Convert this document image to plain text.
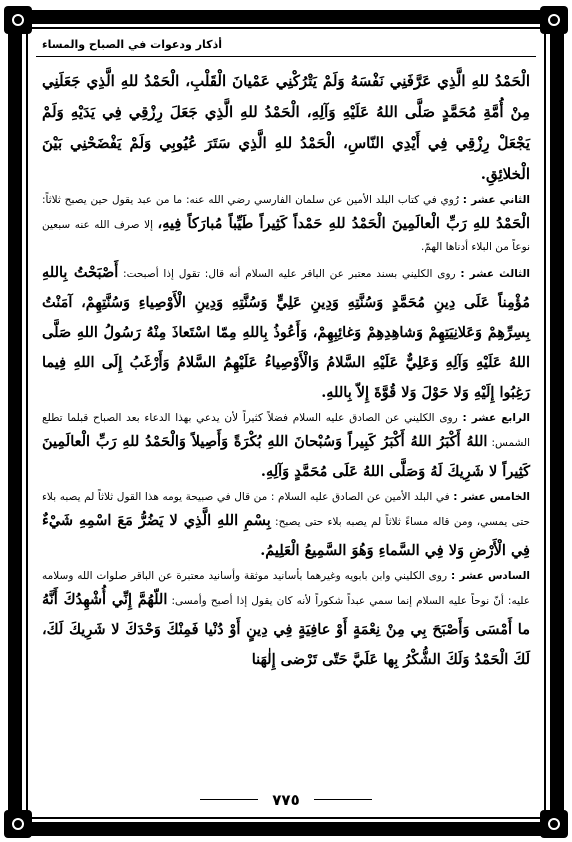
أذكار ودعوات في الصباح والمساء

الْحَمْدُ للهِ الَّذِي عَرَّفَنِي نَفْسَهُ وَلَمْ يَتْرُكْنِي عَمْيانَ الْقَلْبِ، الْحَمْدُ للهِ الَّذِي جَعَلَنِي مِنْ أُمَّةِ مُحَمَّدٍ صَلَّى اللهُ عَلَيْهِ وَآلِهِ، الْحَمْدُ للهِ الَّذِي جَعَلَ رِزْقِي فِي يَدَيْهِ وَلَمْ يَجْعَلْ رِزْقِي فِي أَيْدِي النّاسِ، الْحَمْدُ للهِ الَّذِي سَتَرَ عُيُوبِي وَلَمْ يَفْضَحْنِي بَيْنَ الْخلائِقِ.

الثاني عشر : رُوي في كتاب البلد الأمين عن سلمان الفارسي رضي الله عنه: ما من عبد يقول حين يصبح ثلاثاً: الْحَمْدُ للهِ رَبِّ الْعالَمِينَ الْحَمْدُ للهِ حَمْداً كَثِيراً طَيِّباً مُبارَكاً فِيهِ، إلا صرف الله عنه سبعين نوعاً من البلاء أدناها الهمّ.

الثالث عشر : روى الكليني بسند معتبر عن الباقر عليه السلام أنه قال: تقول إذا أصبحت: أَصْبَحْتُ بِاللهِ مُؤْمِناً عَلَى دِينِ مُحَمَّدٍ وَسُنَّتِهِ وَدِينِ عَلِيٍّ وَسُنَّتِهِ وَدِينِ الْأَوْصِياءِ وَسُنَّتِهِمْ، آمَنْتُ بِسِرِّهِمْ وَعَلانِيَتِهِمْ وَشاهِدِهِمْ وَغائِبِهِمْ، وَأَعُوذُ بِاللهِ مِمّا اسْتَعاذَ مِنْهُ رَسُولُ اللهِ صَلَّى اللهُ عَلَيْهِ وَآلِهِ وَعَلِيٌّ عَلَيْهِ السَّلامُ وَالْأَوْصِياءُ عَلَيْهِمُ السَّلامُ وَأَرْغَبُ إِلَى اللهِ فِيما رَغِبُوا إِلَيْهِ وَلا حَوْلَ وَلا قُوَّةَ إِلاّ بِاللهِ.

الرابع عشر : روى الكليني عن الصادق عليه السلام فضلاً كثيراً لأن يدعي بهذا الدعاء بعد الصباح قبلما تطلع الشمس: اللهُ أَكْبَرُ اللهُ أَكْبَرُ كَبِيراً وَسُبْحانَ اللهِ بُكْرَةً وَأَصِيلاً وَالْحَمْدُ للهِ رَبِّ الْعالَمِينَ كَثِيراً لا شَرِيكَ لَهُ وَصَلَّى اللهُ عَلَى مُحَمَّدٍ وَآلِهِ.

الخامس عشر : في البلد الأمين عن الصادق عليه السلام : من قال في صبيحة يومه هذا القول ثلاثاً لم يصبه بلاء حتى يمسي، ومن قاله مساءً ثلاثاً لم يصبه بلاء حتى يصبح: بِسْمِ اللهِ الَّذِي لا يَضُرُّ مَعَ اسْمِهِ شَيْءٌ فِي الْأَرْضِ وَلا فِي السَّماءِ وَهُوَ السَّمِيعُ الْعَلِيمُ.

السادس عشر : روى الكليني وابن بابويه وغيرهما بأسانيد موثقة وأسانيد معتبرة عن الباقر صلوات الله وسلامه عليه: أنّ نوحاً عليه السلام إنما سمي عبداً شكوراً لأنه كان يقول إذا أصبح وأمسى: اللّهُمَّ إِنِّي أُشْهِدُكَ أَنَّهُ ما أَمْسَى وَأَصْبَحَ بِي مِنْ نِعْمَةٍ أَوْ عافِيَةٍ فِي دِينٍ أَوْ دُنْيا فَمِنْكَ وَحْدَكَ لا شَرِيكَ لَكَ، لَكَ الْحَمْدُ وَلَكَ الشُّكْرُ بِها عَلَيَّ حَتّى تَرْضى إِلٰهَنا

٧٧٥
